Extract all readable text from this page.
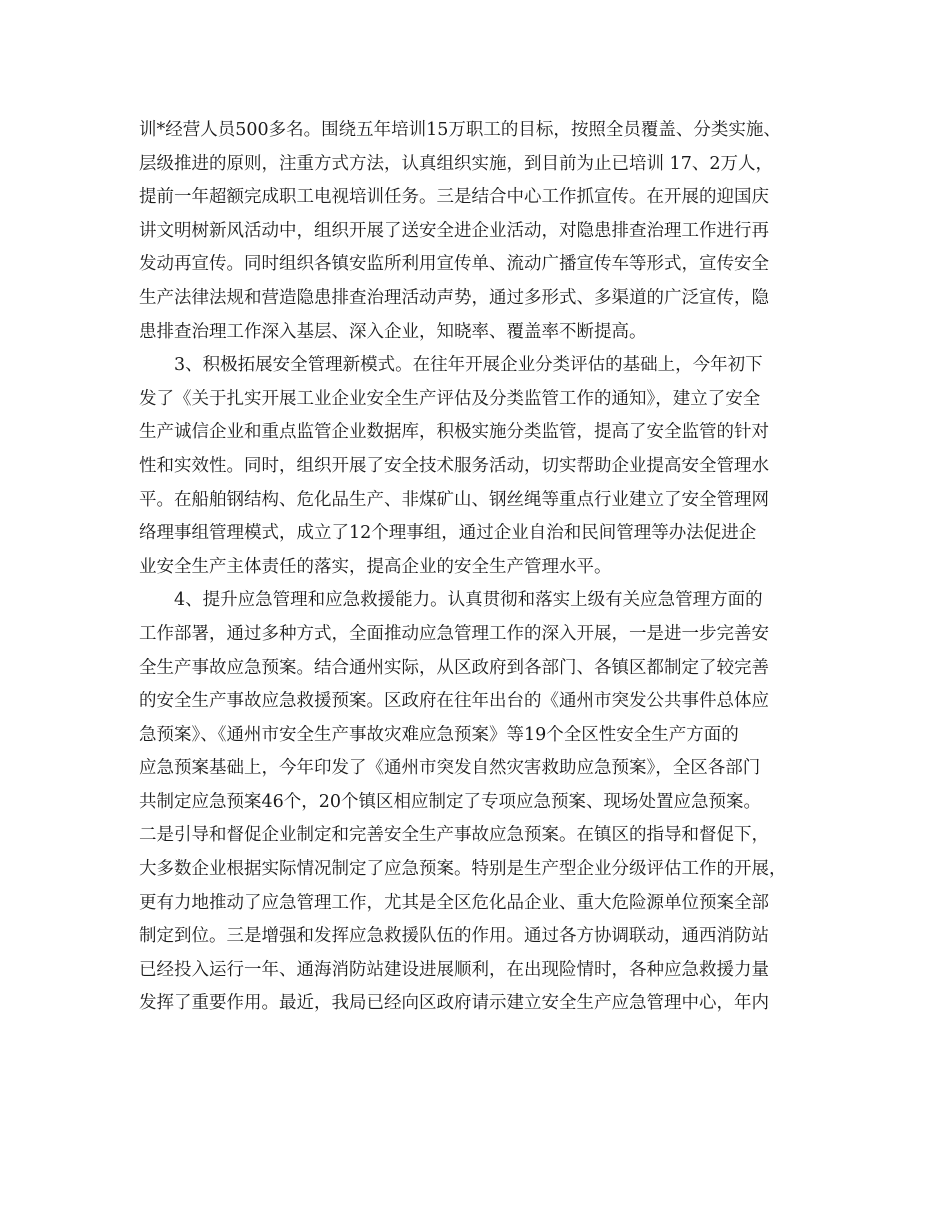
训*经营人员500多名。围绕五年培训15万职工的目标，按照全员覆盖、分类实施、
层级推进的原则，注重方式方法，认真组织实施，到目前为止已培训 17、2万人，
提前一年超额完成职工电视培训任务。三是结合中心工作抓宣传。在开展的迎国庆
讲文明树新风活动中，组织开展了送安全进企业活动，对隐患排查治理工作进行再
发动再宣传。同时组织各镇安监所利用宣传单、流动广播宣传车等形式，宣传安全
生产法律法规和营造隐患排查治理活动声势，通过多形式、多渠道的广泛宣传，隐
患排查治理工作深入基层、深入企业，知晓率、覆盖率不断提高。
3、积极拓展安全管理新模式。在往年开展企业分类评估的基础上，今年初下
发了《关于扎实开展工业企业安全生产评估及分类监管工作的通知》，建立了安全
生产诚信企业和重点监管企业数据库，积极实施分类监管，提高了安全监管的针对
性和实效性。同时，组织开展了安全技术服务活动，切实帮助企业提高安全管理水
平。在船舶钢结构、危化品生产、非煤矿山、钢丝绳等重点行业建立了安全管理网
络理事组管理模式，成立了12个理事组，通过企业自治和民间管理等办法促进企
业安全生产主体责任的落实，提高企业的安全生产管理水平。
4、提升应急管理和应急救援能力。认真贯彻和落实上级有关应急管理方面的
工作部署，通过多种方式，全面推动应急管理工作的深入开展，一是进一步完善安
全生产事故应急预案。结合通州实际，从区政府到各部门、各镇区都制定了较完善
的安全生产事故应急救援预案。区政府在往年出台的《通州市突发公共事件总体应
急预案》、《通州市安全生产事故灾难应急预案》等19个全区性安全生产方面的
应急预案基础上，今年印发了《通州市突发自然灾害救助应急预案》，全区各部门
共制定应急预案46个，20个镇区相应制定了专项应急预案、现场处置应急预案。
二是引导和督促企业制定和完善安全生产事故应急预案。在镇区的指导和督促下，
大多数企业根据实际情况制定了应急预案。特别是生产型企业分级评估工作的开展，
更有力地推动了应急管理工作，尤其是全区危化品企业、重大危险源单位预案全部
制定到位。三是增强和发挥应急救援队伍的作用。通过各方协调联动，通西消防站
已经投入运行一年、通海消防站建设进展顺利，在出现险情时，各种应急救援力量
发挥了重要作用。最近，我局已经向区政府请示建立安全生产应急管理中心，年内
